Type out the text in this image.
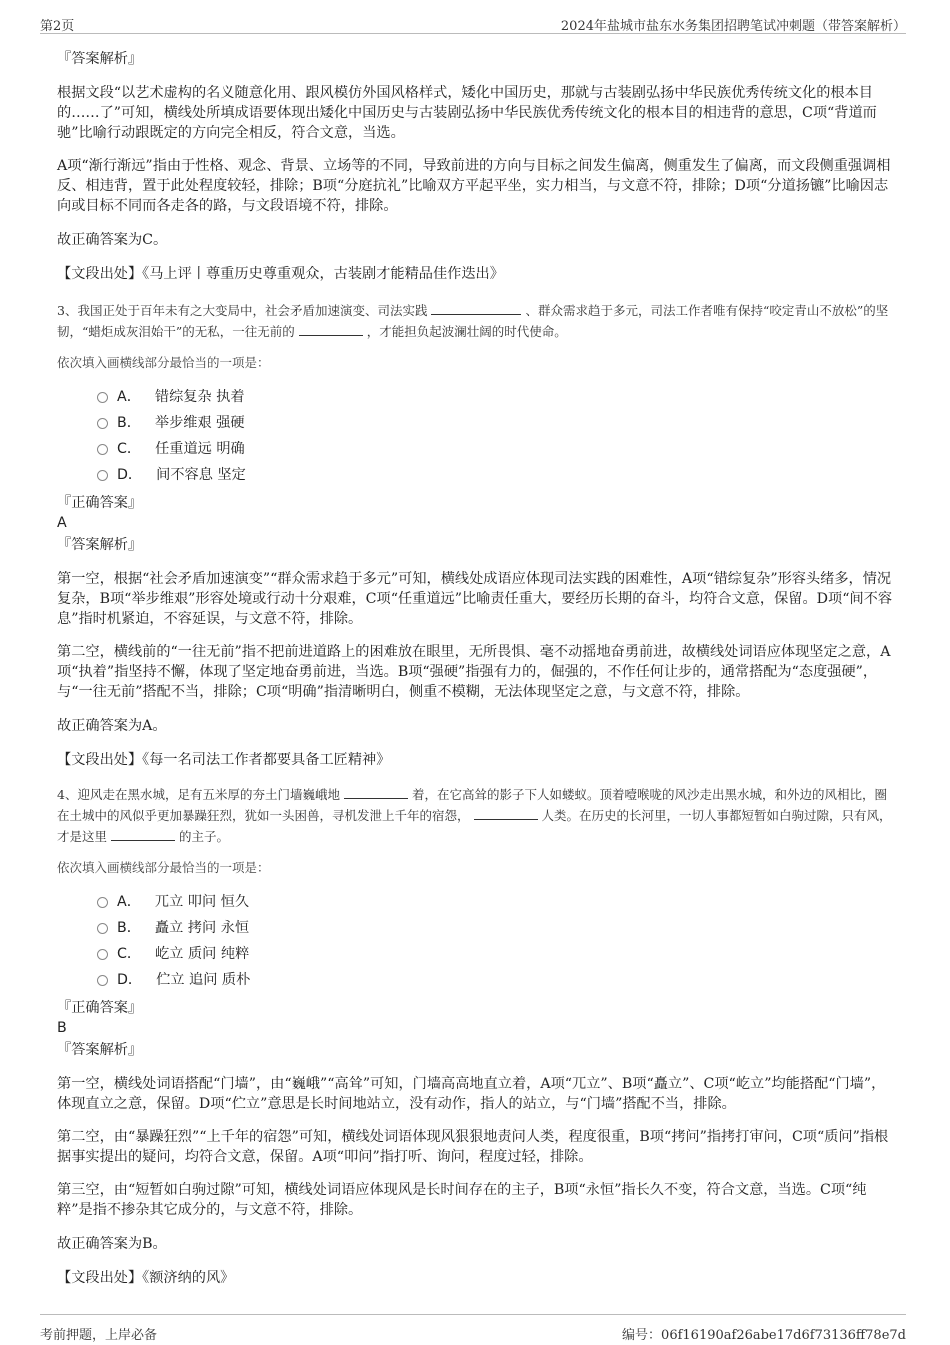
第2页	2024年盐城市盐东水务集团招聘笔试冲刺题（带答案解析）

『答案解析』

根据文段“以艺术虚构的名义随意化用、跟风模仿外国风格样式，矮化中国历史，那就与古装剧弘扬中华民族优秀传统文化的根本目的……了”可知，横线处所填成语要体现出矮化中国历史与古装剧弘扬中华民族优秀传统文化的根本目的相违背的意思，C项“背道而驰”比喻行动跟既定的方向完全相反，符合文意，当选。

A项“渐行渐远”指由于性格、观念、背景、立场等的不同，导致前进的方向与目标之间发生偏离，侧重发生了偏离，而文段侧重强调相反、相违背，置于此处程度较轻，排除；B项“分庭抗礼”比喻双方平起平坐，实力相当，与文意不符，排除；D项“分道扬镳”比喻因志向或目标不同而各走各的路，与文段语境不符，排除。

故正确答案为C。

【文段出处】《马上评丨尊重历史尊重观众，古装剧才能精品佳作迭出》

3、我国正处于百年未有之大变局中，社会矛盾加速演变、司法实践	、群众需求趋于多元，司法工作者唯有保持“咬定青山不放松”的坚韧，“蜡炬成灰泪始干”的无私，一往无前的	，才能担负起波澜壮阔的时代使命。

依次填入画横线部分最恰当的一项是：

A． 错综复杂 执着
B． 举步维艰 强硬
C． 任重道远 明确
D． 间不容息 坚定

『正确答案』

A

『答案解析』

第一空，根据“社会矛盾加速演变”“群众需求趋于多元”可知，横线处成语应体现司法实践的困难性，A项“错综复杂”形容头绪多，情况复杂，B项“举步维艰”形容处境或行动十分艰难，C项“任重道远”比喻责任重大，要经历长期的奋斗，均符合文意，保留。D项“间不容息”指时机紧迫，不容延误，与文意不符，排除。

第二空，横线前的“一往无前”指不把前进道路上的困难放在眼里，无所畏惧、毫不动摇地奋勇前进，故横线处词语应体现坚定之意，A项“执着”指坚持不懈，体现了坚定地奋勇前进，当选。B项“强硬”指强有力的，倔强的，不作任何让步的，通常搭配为“态度强硬”，与“一往无前”搭配不当，排除；C项“明确”指清晰明白，侧重不模糊，无法体现坚定之意，与文意不符，排除。

故正确答案为A。

【文段出处】《每一名司法工作者都要具备工匠精神》

4、迎风走在黑水城，足有五米厚的夯土门墙巍峨地	着，在它高耸的影子下人如蝼蚁。顶着噎喉咙的风沙走出黑水城，和外边的风相比，圈在土城中的风似乎更加暴躁狂烈，犹如一头困兽，寻机发泄上千年的宿怨，	人类。在历史的长河里，一切人事都短暂如白驹过隙，只有风，才是这里	的主子。

依次填入画横线部分最恰当的一项是：

A． 兀立 叩问 恒久
B． 矗立 拷问 永恒
C． 屹立 质问 纯粹
D． 伫立 追问 质朴

『正确答案』

B

『答案解析』

第一空，横线处词语搭配“门墙”，由“巍峨”“高耸”可知，门墙高高地直立着，A项“兀立”、B项“矗立”、C项“屹立”均能搭配“门墙”，体现直立之意，保留。D项“伫立”意思是长时间地站立，没有动作，指人的站立，与“门墙”搭配不当，排除。

第二空，由“暴躁狂烈”“上千年的宿怨”可知，横线处词语体现风狠狠地责问人类，程度很重，B项“拷问”指拷打审问，C项“质问”指根据事实提出的疑问，均符合文意，保留。A项“叩问”指打听、询问，程度过轻，排除。

第三空，由“短暂如白驹过隙”可知，横线处词语应体现风是长时间存在的主子，B项“永恒”指长久不变，符合文意，当选。C项“纯粹”是指不掺杂其它成分的，与文意不符，排除。

故正确答案为B。

【文段出处】《额济纳的风》

考前押题，上岸必备	编号：06f16190af26abe17d6f73136ff78e7d
